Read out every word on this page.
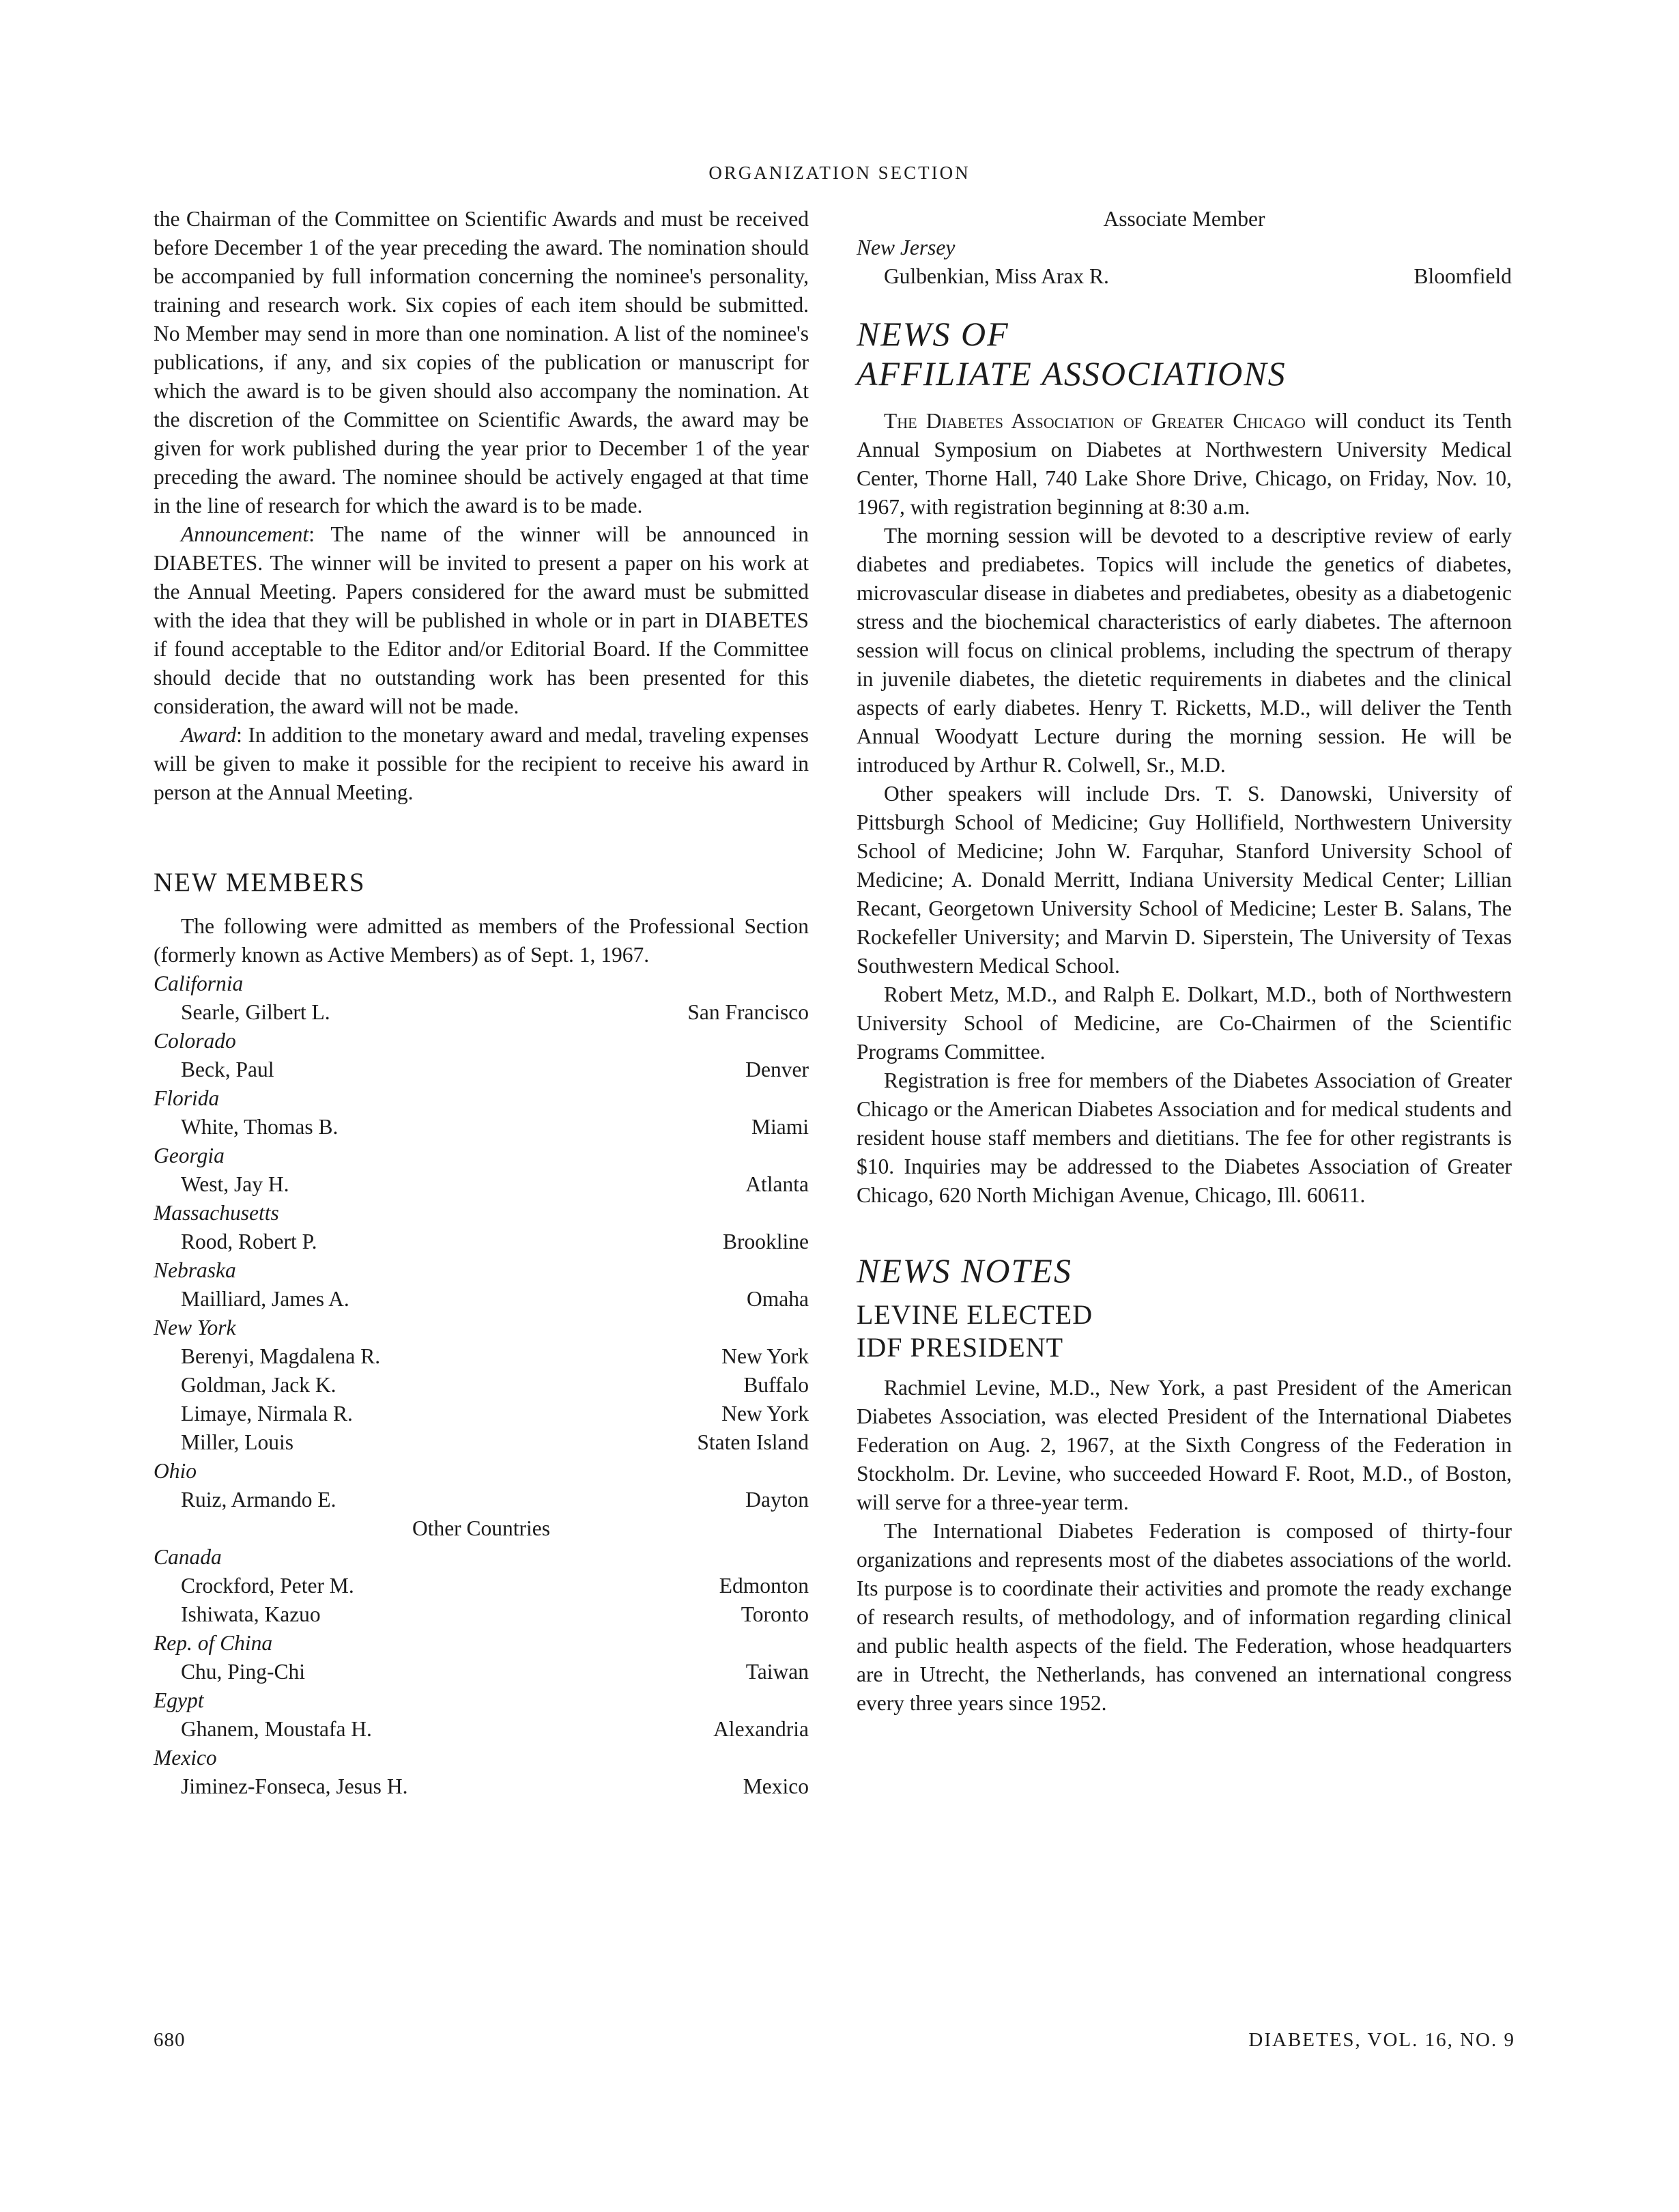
ORGANIZATION SECTION

the Chairman of the Committee on Scientific Awards and must be received before December 1 of the year preceding the award. The nomination should be accompanied by full information concerning the nominee's personality, training and research work. Six copies of each item should be submitted. No Member may send in more than one nomination. A list of the nominee's publications, if any, and six copies of the publication or manuscript for which the award is to be given should also accompany the nomination. At the discretion of the Committee on Scientific Awards, the award may be given for work published during the year prior to December 1 of the year preceding the award. The nominee should be actively engaged at that time in the line of research for which the award is to be made.

Announcement: The name of the winner will be announced in DIABETES. The winner will be invited to present a paper on his work at the Annual Meeting. Papers considered for the award must be submitted with the idea that they will be published in whole or in part in DIABETES if found acceptable to the Editor and/or Editorial Board. If the Committee should decide that no outstanding work has been presented for this consideration, the award will not be made.

Award: In addition to the monetary award and medal, traveling expenses will be given to make it possible for the recipient to receive his award in person at the Annual Meeting.

NEW MEMBERS

The following were admitted as members of the Professional Section (formerly known as Active Members) as of Sept. 1, 1967.

California
Searle, Gilbert L.	San Francisco
Colorado
Beck, Paul	Denver
Florida
White, Thomas B.	Miami
Georgia
West, Jay H.	Atlanta
Massachusetts
Rood, Robert P.	Brookline
Nebraska
Mailliard, James A.	Omaha
New York
Berenyi, Magdalena R.	New York
Goldman, Jack K.	Buffalo
Limaye, Nirmala R.	New York
Miller, Louis	Staten Island
Ohio
Ruiz, Armando E.	Dayton
Other Countries
Canada
Crockford, Peter M.	Edmonton
Ishiwata, Kazuo	Toronto
Rep. of China
Chu, Ping-Chi	Taiwan
Egypt
Ghanem, Moustafa H.	Alexandria
Mexico
Jiminez-Fonseca, Jesus H.	Mexico
Associate Member
New Jersey
Gulbenkian, Miss Arax R.	Bloomfield
NEWS OF
AFFILIATE ASSOCIATIONS

The Diabetes Association of Greater Chicago will conduct its Tenth Annual Symposium on Diabetes at Northwestern University Medical Center, Thorne Hall, 740 Lake Shore Drive, Chicago, on Friday, Nov. 10, 1967, with registration beginning at 8:30 a.m.

The morning session will be devoted to a descriptive review of early diabetes and prediabetes. Topics will include the genetics of diabetes, microvascular disease in diabetes and prediabetes, obesity as a diabetogenic stress and the biochemical characteristics of early diabetes. The afternoon session will focus on clinical problems, including the spectrum of therapy in juvenile diabetes, the dietetic requirements in diabetes and the clinical aspects of early diabetes. Henry T. Ricketts, M.D., will deliver the Tenth Annual Woodyatt Lecture during the morning session. He will be introduced by Arthur R. Colwell, Sr., M.D.

Other speakers will include Drs. T. S. Danowski, University of Pittsburgh School of Medicine; Guy Hollifield, Northwestern University School of Medicine; John W. Farquhar, Stanford University School of Medicine; A. Donald Merritt, Indiana University Medical Center; Lillian Recant, Georgetown University School of Medicine; Lester B. Salans, The Rockefeller University; and Marvin D. Siperstein, The University of Texas Southwestern Medical School.

Robert Metz, M.D., and Ralph E. Dolkart, M.D., both of Northwestern University School of Medicine, are Co-Chairmen of the Scientific Programs Committee.

Registration is free for members of the Diabetes Association of Greater Chicago or the American Diabetes Association and for medical students and resident house staff members and dietitians. The fee for other registrants is $10. Inquiries may be addressed to the Diabetes Association of Greater Chicago, 620 North Michigan Avenue, Chicago, Ill. 60611.

NEWS NOTES
LEVINE ELECTED
IDF PRESIDENT

Rachmiel Levine, M.D., New York, a past President of the American Diabetes Association, was elected President of the International Diabetes Federation on Aug. 2, 1967, at the Sixth Congress of the Federation in Stockholm. Dr. Levine, who succeeded Howard F. Root, M.D., of Boston, will serve for a three-year term.

The International Diabetes Federation is composed of thirty-four organizations and represents most of the diabetes associations of the world. Its purpose is to coordinate their activities and promote the ready exchange of research results, of methodology, and of information regarding clinical and public health aspects of the field. The Federation, whose headquarters are in Utrecht, the Netherlands, has convened an international congress every three years since 1952.

680	DIABETES, VOL. 16, NO. 9
